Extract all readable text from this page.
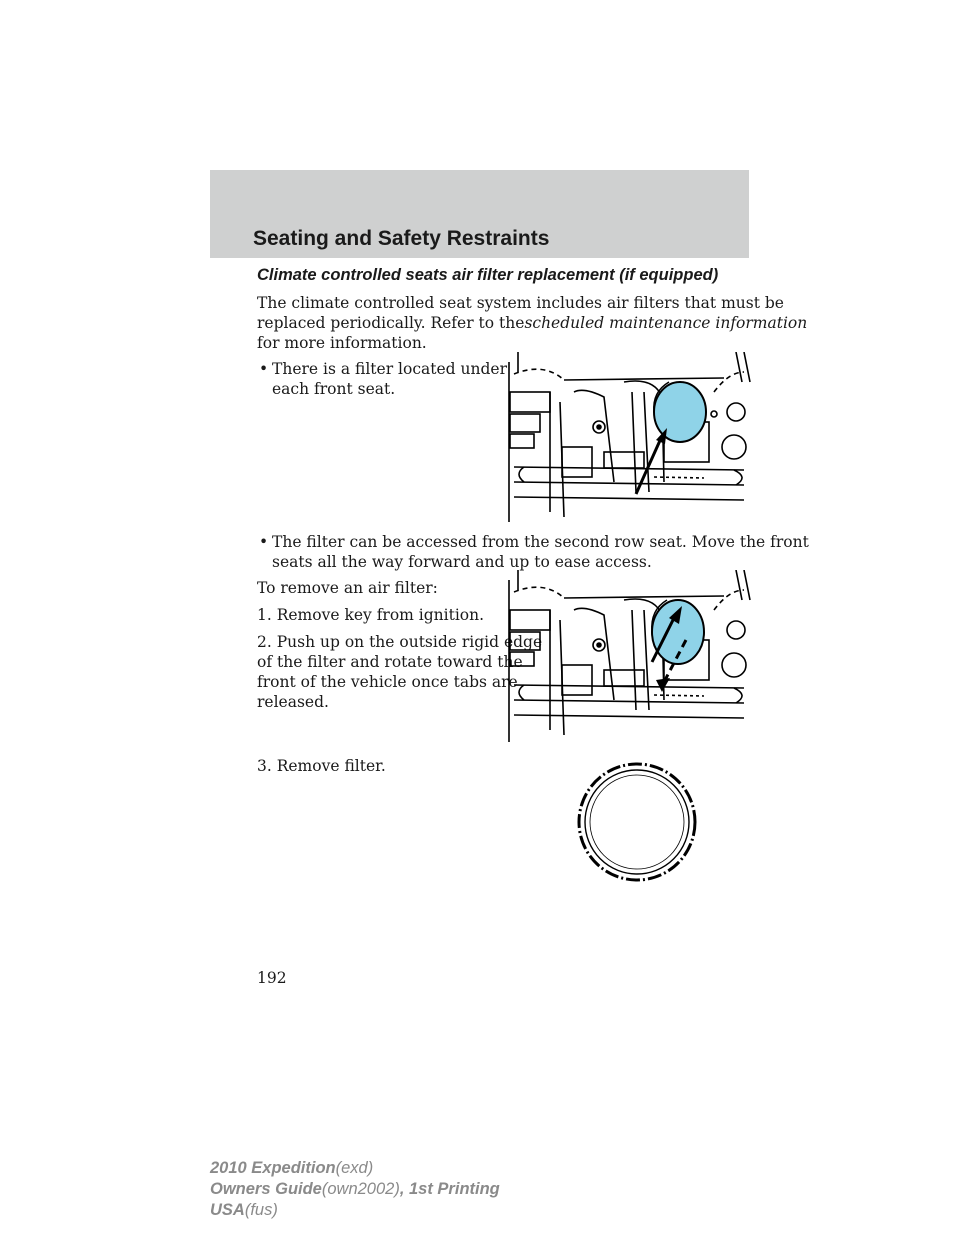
Seating and Safety Restraints
Climate controlled seats air filter replacement (if equipped)
The climate controlled seat system includes air filters that must be
replaced periodically. Refer to thescheduled maintenance information
for more information.
• There is a filter located under
each front seat.
• The filter can be accessed from the second row seat. Move the front
seats all the way forward and up to ease access.
To remove an air filter:
1. Remove key from ignition.
2. Push up on the outside rigid edge
of the filter and rotate toward the
front of the vehicle once tabs are
released.
3. Remove filter.
192
2010 Expedition(exd)
Owners Guide(own2002), 1st Printing
USA(fus)
